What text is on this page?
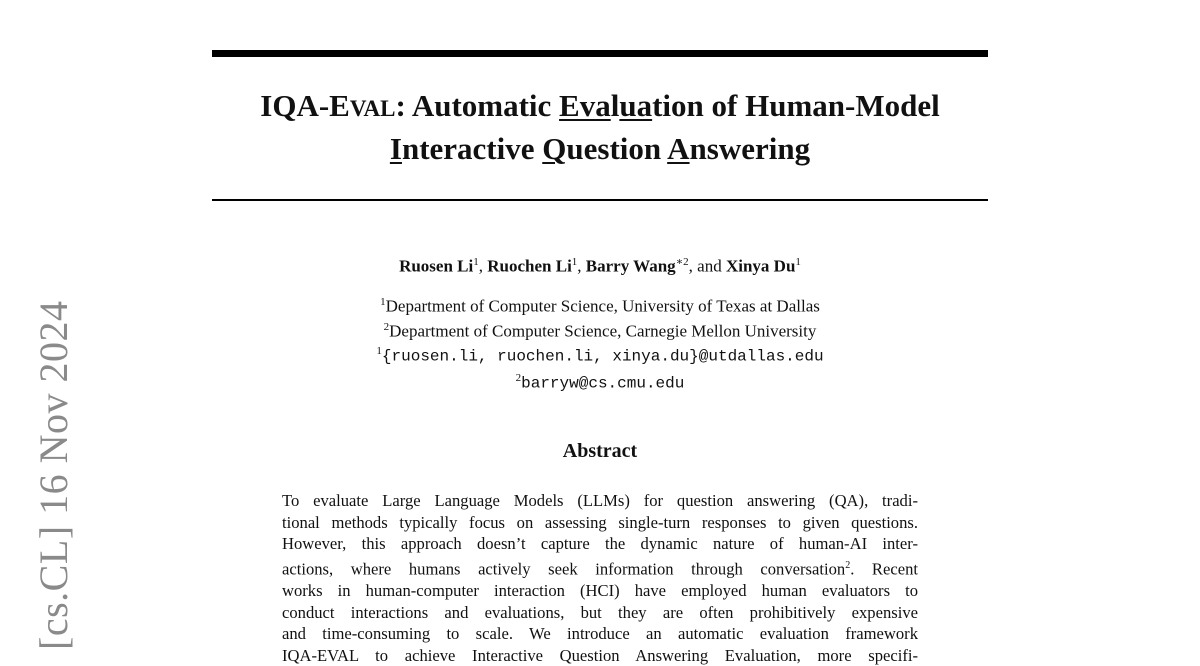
[cs.CL] 16 Nov 2024
IQA-EVAL: Automatic Evaluation of Human-Model
Interactive Question Answering
Ruosen Li$^1$, Ruochen Li$^1$, Barry Wang$^{∗2}$, and Xinya Du$^1$
$^1$Department of Computer Science, University of Texas at Dallas
$^2$Department of Computer Science, Carnegie Mellon University
$^1${ruosen.li, ruochen.li, xinya.du}@utdallas.edu
$^2$barryw@cs.cmu.edu
Abstract
To evaluate Large Language Models (LLMs) for question answering (QA), tradi-
tional methods typically focus on assessing single-turn responses to given questions.
However, this approach doesn’t capture the dynamic nature of human-AI inter-
actions, where humans actively seek information through conversation$^2$. Recent
works in human-computer interaction (HCI) have employed human evaluators to
conduct interactions and evaluations, but they are often prohibitively expensive
and time-consuming to scale. We introduce an automatic evaluation framework
IQA-EVAL to achieve Interactive Question Answering Evaluation, more specifi-
